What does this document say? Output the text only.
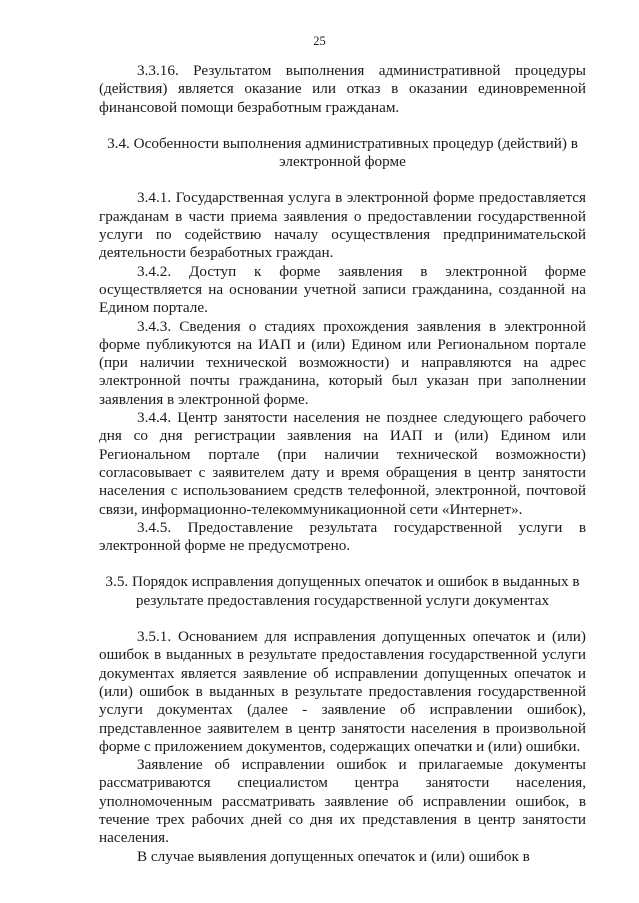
25

3.3.16. Результатом выполнения административной процедуры (действия) является оказание или отказ в оказании единовременной финансовой помощи безработным гражданам.

3.4. Особенности выполнения административных процедур (действий) в электронной форме

3.4.1. Государственная услуга в электронной форме предоставляется гражданам в части приема заявления о предоставлении государственной услуги по содействию началу осуществления предпринимательской деятельности безработных граждан.

3.4.2. Доступ к форме заявления в электронной форме осуществляется на основании учетной записи гражданина, созданной на Едином портале.

3.4.3. Сведения о стадиях прохождения заявления в электронной форме публикуются на ИАП и (или) Едином или Региональном портале (при наличии технической возможности) и направляются на адрес электронной почты гражданина, который был указан при заполнении заявления в электронной форме.

3.4.4. Центр занятости населения не позднее следующего рабочего дня со дня регистрации заявления на ИАП и (или) Едином или Региональном портале (при наличии технической возможности) согласовывает с заявителем дату и время обращения в центр занятости населения с использованием средств телефонной, электронной, почтовой связи, информационно-телекоммуникационной сети «Интернет».

3.4.5. Предоставление результата государственной услуги в электронной форме не предусмотрено.

3.5. Порядок исправления допущенных опечаток и ошибок в выданных в результате предоставления государственной услуги документах

3.5.1. Основанием для исправления допущенных опечаток и (или) ошибок в выданных в результате предоставления государственной услуги документах является заявление об исправлении допущенных опечаток и (или) ошибок в выданных в результате предоставления государственной услуги документах (далее - заявление об исправлении ошибок), представленное заявителем в центр занятости населения в произвольной форме с приложением документов, содержащих опечатки и (или) ошибки.

Заявление об исправлении ошибок и прилагаемые документы рассматриваются специалистом центра занятости населения, уполномоченным рассматривать заявление об исправлении ошибок, в течение трех рабочих дней со дня их представления в центр занятости населения.

В случае выявления допущенных опечаток и (или) ошибок в
